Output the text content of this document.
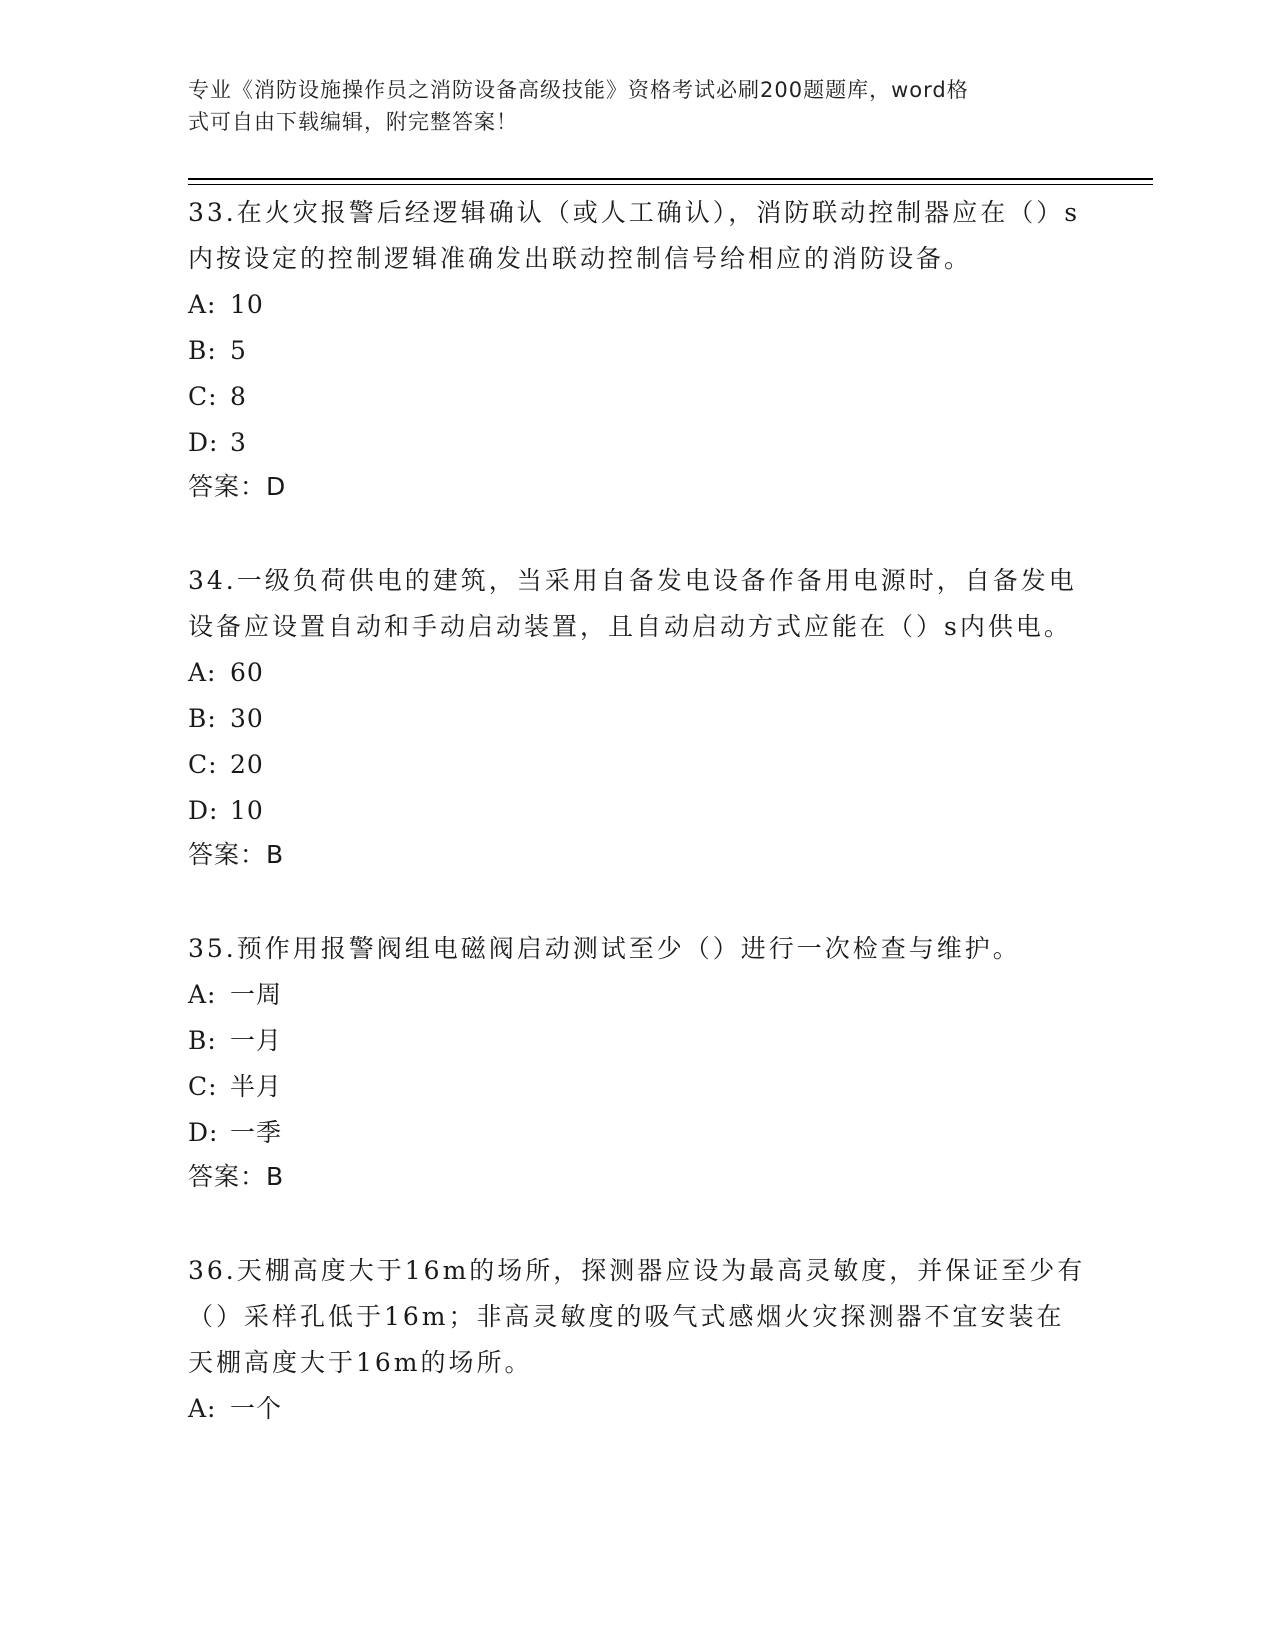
专业《消防设施操作员之消防设备高级技能》资格考试必刷200题题库，word格
式可自由下载编辑，附完整答案！
33.在火灾报警后经逻辑确认（或人工确认），消防联动控制器应在（）s内按设定的控制逻辑准确发出联动控制信号给相应的消防设备。
A: 10
B: 5
C: 8
D: 3
答案：D
34.一级负荷供电的建筑，当采用自备发电设备作备用电源时，自备发电设备应设置自动和手动启动装置，且自动启动方式应能在（）s内供电。
A: 60
B: 30
C: 20
D: 10
答案：B
35.预作用报警阀组电磁阀启动测试至少（）进行一次检查与维护。
A: 一周
B: 一月
C: 半月
D: 一季
答案：B
36.天棚高度大于16m的场所，探测器应设为最高灵敏度，并保证至少有（）采样孔低于16m；非高灵敏度的吸气式感烟火灾探测器不宜安装在天棚高度大于16m的场所。
A: 一个
